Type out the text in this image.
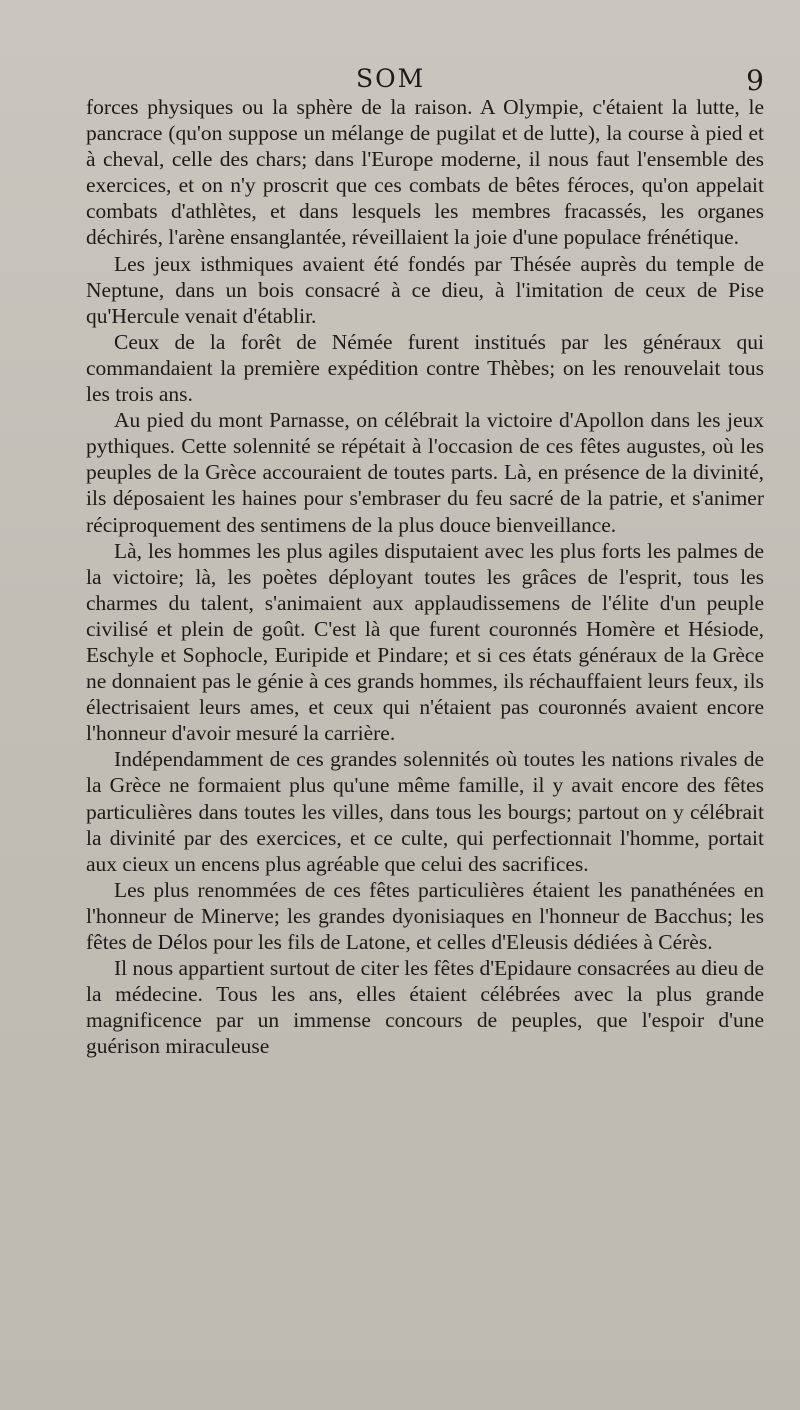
SOM	9

forces physiques ou la sphère de la raison. A Olympie, c'étaient la lutte, le pancrace (qu'on suppose un mélange de pugilat et de lutte), la course à pied et à cheval, celle des chars; dans l'Europe moderne, il nous faut l'ensemble des exercices, et on n'y proscrit que ces combats de bêtes féroces, qu'on appelait combats d'athlètes, et dans lesquels les membres fracassés, les organes déchirés, l'arène ensanglantée, réveillaient la joie d'une populace frénétique.

Les jeux isthmiques avaient été fondés par Thésée auprès du temple de Neptune, dans un bois consacré à ce dieu, à l'imitation de ceux de Pise qu'Hercule venait d'établir.

Ceux de la forêt de Némée furent institués par les généraux qui commandaient la première expédition contre Thèbes; on les renouvelait tous les trois ans.

Au pied du mont Parnasse, on célébrait la victoire d'Apollon dans les jeux pythiques. Cette solennité se répétait à l'occasion de ces fêtes augustes, où les peuples de la Grèce accouraient de toutes parts. Là, en présence de la divinité, ils déposaient les haines pour s'embraser du feu sacré de la patrie, et s'animer réciproquement des sentimens de la plus douce bienveillance.

Là, les hommes les plus agiles disputaient avec les plus forts les palmes de la victoire; là, les poètes déployant toutes les grâces de l'esprit, tous les charmes du talent, s'animaient aux applaudissemens de l'élite d'un peuple civilisé et plein de goût. C'est là que furent couronnés Homère et Hésiode, Eschyle et Sophocle, Euripide et Pindare; et si ces états généraux de la Grèce ne donnaient pas le génie à ces grands hommes, ils réchauffaient leurs feux, ils électrisaient leurs ames, et ceux qui n'étaient pas couronnés avaient encore l'honneur d'avoir mesuré la carrière.

Indépendamment de ces grandes solennités où toutes les nations rivales de la Grèce ne formaient plus qu'une même famille, il y avait encore des fêtes particulières dans toutes les villes, dans tous les bourgs; partout on y célébrait la divinité par des exercices, et ce culte, qui perfectionnait l'homme, portait aux cieux un encens plus agréable que celui des sacrifices.

Les plus renommées de ces fêtes particulières étaient les panathénées en l'honneur de Minerve; les grandes dyonisiaques en l'honneur de Bacchus; les fêtes de Délos pour les fils de Latone, et celles d'Eleusis dédiées à Cérès.

Il nous appartient surtout de citer les fêtes d'Epidaure consacrées au dieu de la médecine. Tous les ans, elles étaient célébrées avec la plus grande magnificence par un immense concours de peuples, que l'espoir d'une guérison miraculeuse
